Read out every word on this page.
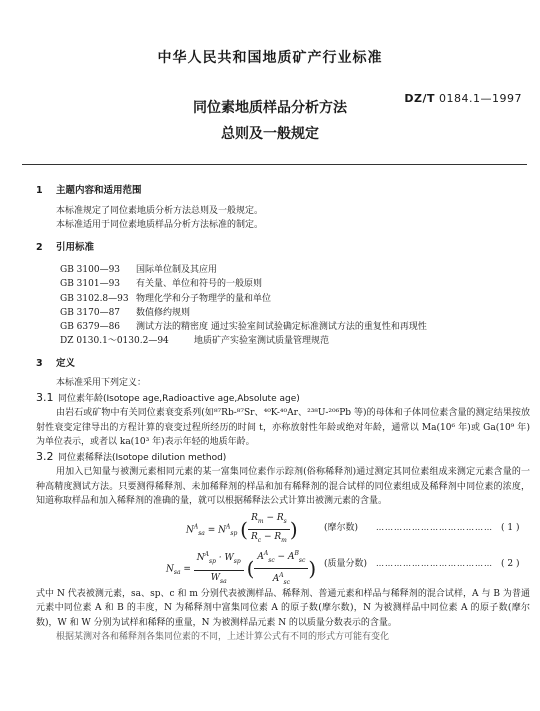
中华人民共和国地质矿产行业标准
同位素地质样品分析方法
总则及一般规定
DZ/T 0184.1—1997

1 主题内容和适用范围

本标准规定了同位素地质分析方法总则及一般规定。

本标准适用于同位素地质样品分析方法标准的制定。

2 引用标准

GB 3100—93 国际单位制及其应用
GB 3101—93 有关量、单位和符号的一般原则
GB 3102.8—93 物理化学和分子物理学的量和单位
GB 3170—87 数值修约规则
GB 6379—86 测试方法的精密度 通过实验室间试验确定标准测试方法的重复性和再现性
DZ 0130.1～0130.2—94	地质矿产实验室测试质量管理规范

3 定义

本标准采用下列定义：

3.1 同位素年龄(Isotope age,Radioactive age,Absolute age)

由岩石或矿物中有关同位素衰变系列(如⁸⁷Rb-⁸⁷Sr、⁴⁰K-⁴⁰Ar、²³⁸U-²⁰⁶Pb 等)的母体和子体同位素含量的测定结果按放射性衰变定律导出的方程计算的衰变过程所经历的时间 t，亦称放射性年龄或绝对年龄，通常以 Ma(10⁶ 年)或 Ga(10⁹ 年)为单位表示，或者以 ka(10³ 年)表示年轻的地质年龄。

3.2 同位素稀释法(Isotope dilution method)

用加入已知量与被测元素相同元素的某一富集同位素作示踪剂(俗称稀释剂)通过测定其同位素组成来测定元素含量的一种高精度测试方法。只要测得稀释剂、未加稀释剂的样品和加有稀释剂的混合试样的同位素组成及稀释剂中同位素的浓度，知道称取样品和加入稀释剂的准确的量，就可以根据稀释法公式计算出被测元素的含量。

$N^A_{sa} = N^A_{sp}$ ( $\frac{R_m - R_s}{R_c - R_m}$ )	(摩尔数) ………………………………… ( 1 )
$N_{sa} = \frac{N^A_{sp} \cdot W_{sp}}{W_{sa}}$ ( $\frac{A^A_{sc} - A^B_{sc}}{A^A_{sc}}$ ) (质量分数) ………………………………… ( 2 )

式中 N 代表被测元素，sa、sp、c 和 m 分别代表被测样品、稀释剂、普通元素和样品与稀释剂的混合试样，A 与 B 为普通元素中同位素 A 和 B 的丰度，N 为稀释剂中富集同位素 A 的原子数(摩尔数)，N 为被测样品中同位素 A 的原子数(摩尔数)，W 和 W 分别为试样和稀释的重量，N 为被测样品元素 N 的以质量分数表示的含量。

根据某测对各和稀释剂各集同位素的不同，上述计算公式有不同的形式方可能有变化
